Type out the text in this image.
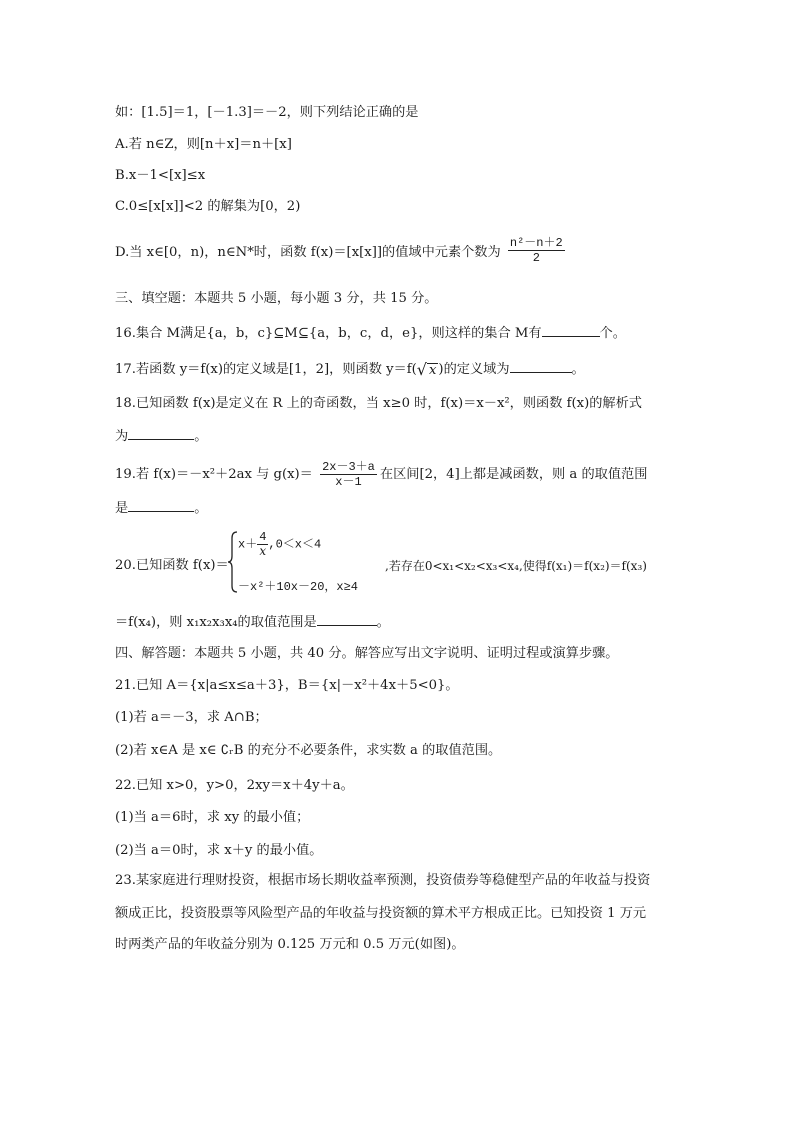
如：[1.5]＝1，[－1.3]＝－2，则下列结论正确的是
A.若 n∈Z，则[n＋x]＝n＋[x]
B.x－1<[x]≤x
C.0≤[x[x]]<2 的解集为[0，2)
D.当 x∈[0，n)，n∈N*时，函数 f(x)＝[x[x]]的值域中元素个数为 $\frac{\text{n²－n＋2}}{2}$
三、填空题：本题共 5 小题，每小题 3 分，共 15 分。
16.集合 M满足{a，b，c}⊆M⊆{a，b，c，d，e}，则这样的集合 M有	个。
17.若函数 y＝f(x)的定义域是[1，2]，则函数 y＝f( √ x )的定义域为	。
18.已知函数 f(x)是定义在 R 上的奇函数，当 x≥0 时，f(x)＝x－x²，则函数 f(x)的解析式
为	。
19.若 f(x)＝－x²＋2ax 与 $g(x)= \frac{2x-3+a}{x-1}$ 在区间[2，4]上都是减函数，则 a 的取值范围
是	。
20.已知函数 f(x)＝
$x+ \frac{4}{x} ,0<x<4$
－x²＋10x－20，x≥4
,若存在0<x₁<x₂<x₃<x₄,使得f(x₁)＝f(x₂)＝f(x₃)
＝f(x₄)，则 x₁x₂x₃x₄的取值范围是	。
四、解答题：本题共 5 小题，共 40 分。解答应写出文字说明、证明过程或演算步骤。
21.已知 A＝{x|a≤x≤a＋3}，B＝{x|－x²＋4x＋5<0}。
(1)若 a＝－3，求 A∩B；
(2)若 x∈A 是 x∈ ∁ᵣB 的充分不必要条件，求实数 a 的取值范围。
22.已知 x>0，y>0，2xy＝x＋4y＋a。
(1)当 a＝6时，求 xy 的最小值；
(2)当 a＝0时，求 x＋y 的最小值。
23.某家庭进行理财投资，根据市场长期收益率预测，投资债券等稳健型产品的年收益与投资
额成正比，投资股票等风险型产品的年收益与投资额的算术平方根成正比。已知投资 1 万元
时两类产品的年收益分别为 0.125 万元和 0.5 万元(如图)。
